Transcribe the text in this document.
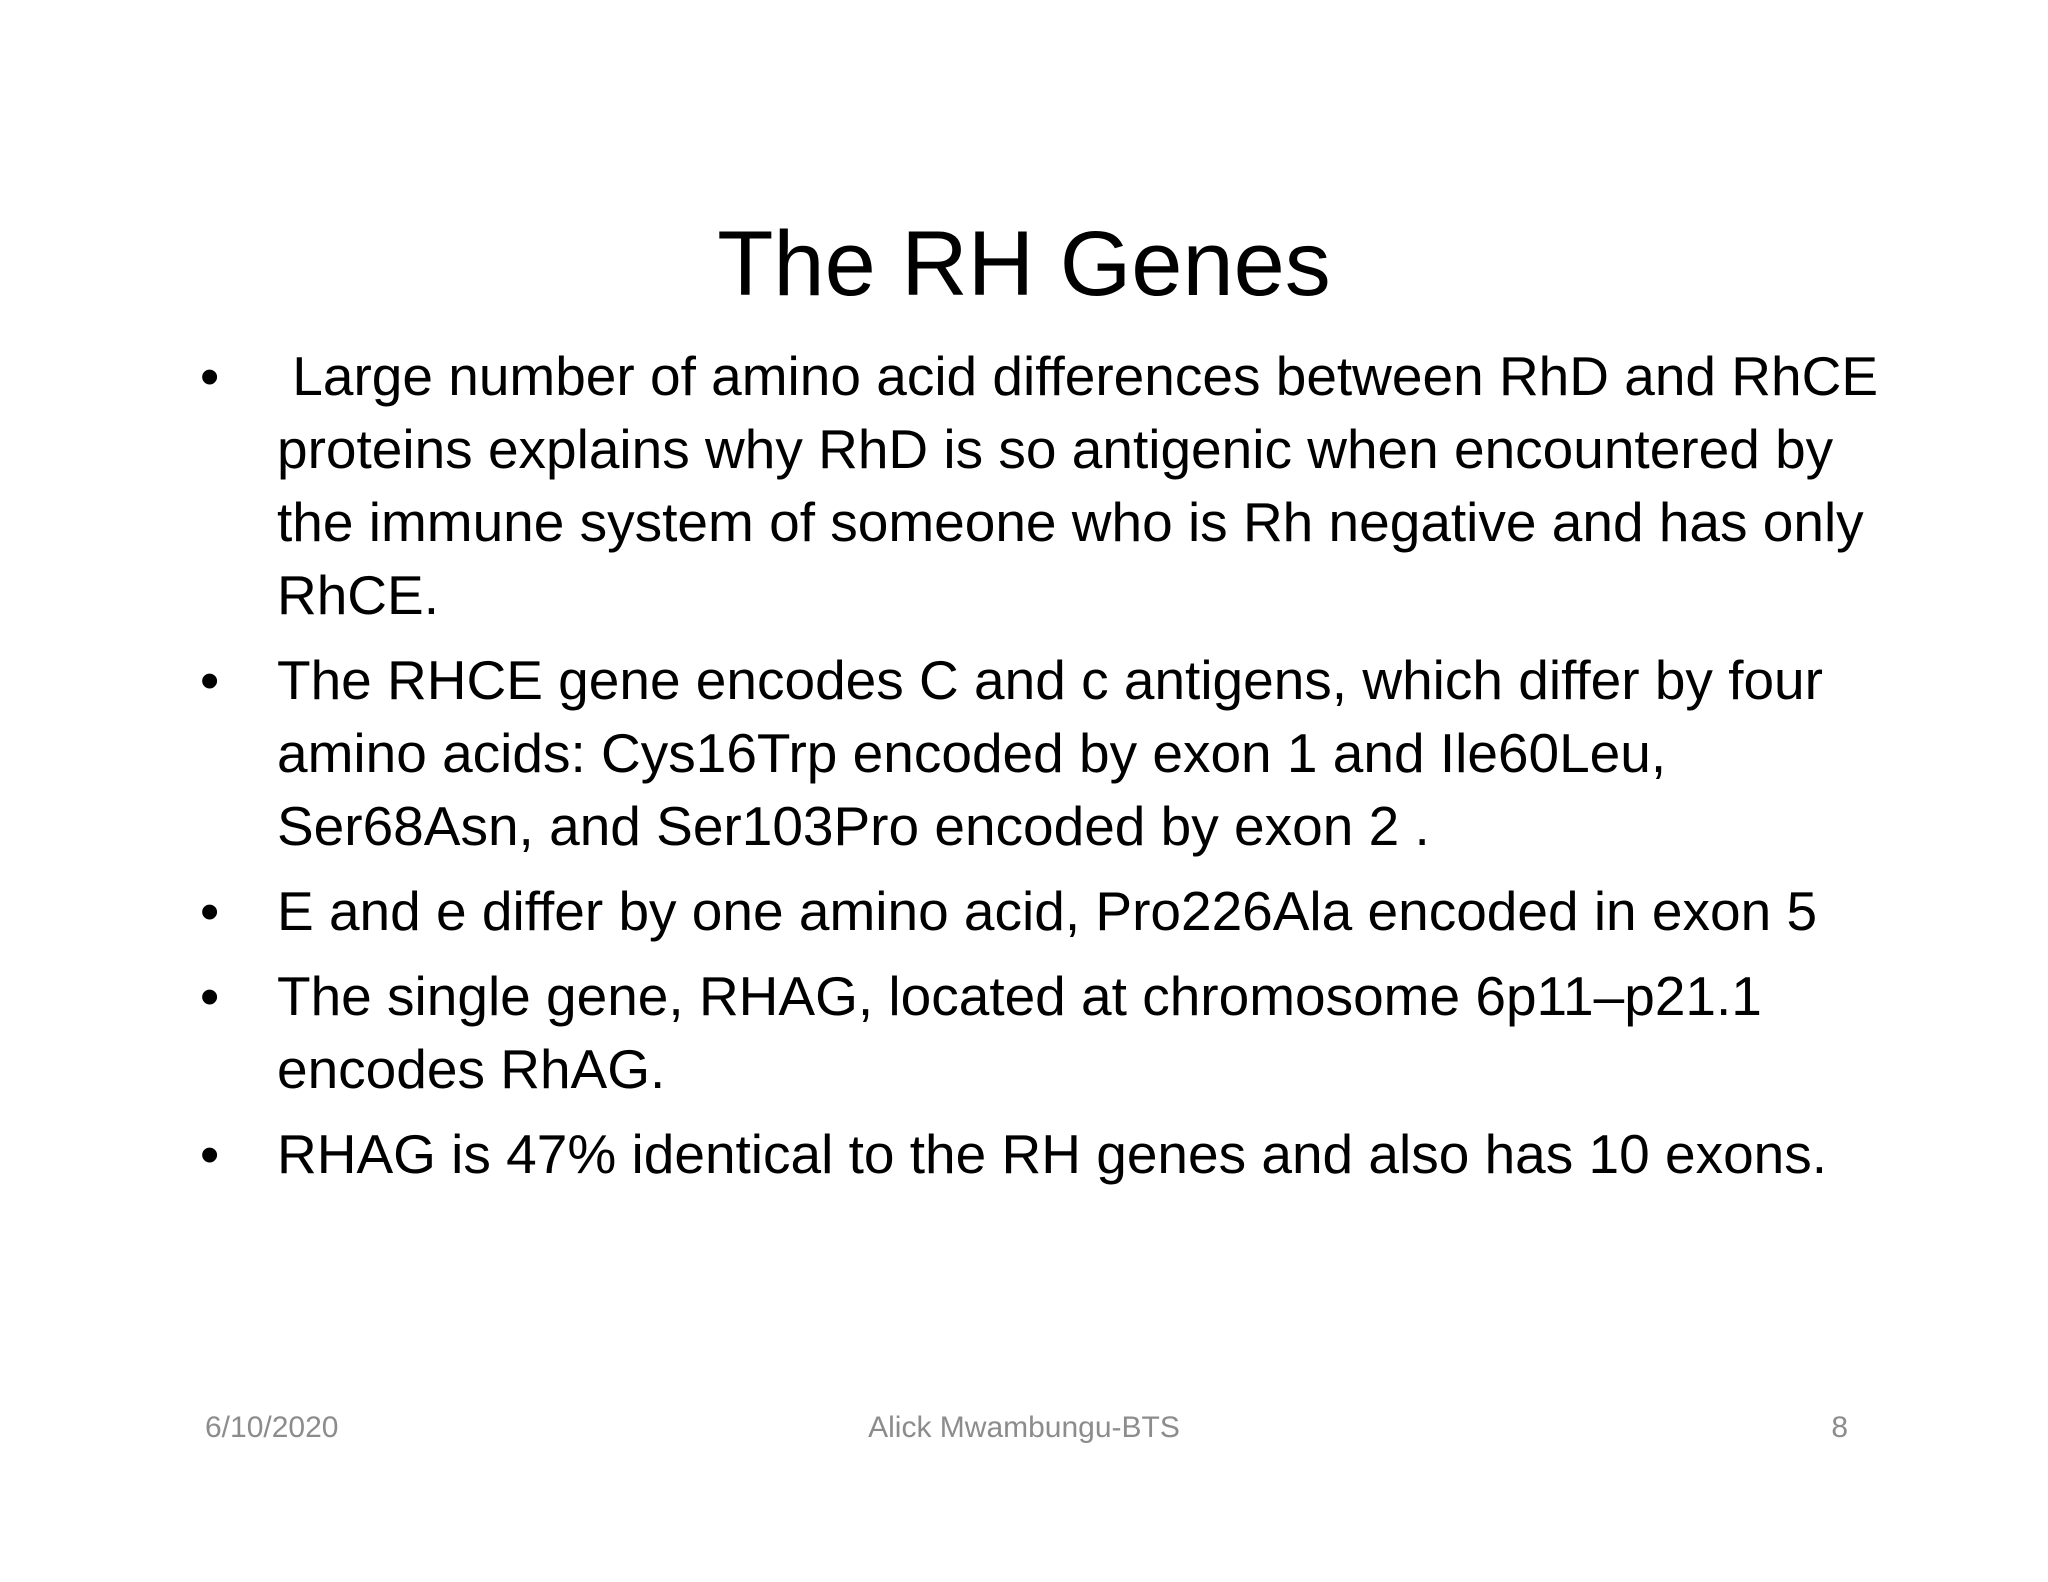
The RH Genes
•	Large number of amino acid differences between RhD and RhCE proteins explains why RhD is so antigenic when encountered by the immune system of someone who is Rh negative and has only RhCE.
•	The RHCE gene encodes C and c antigens, which differ by four amino acids: Cys16Trp encoded by exon 1 and Ile60Leu, Ser68Asn, and Ser103Pro encoded by exon 2 .
•	E and e differ by one amino acid, Pro226Ala encoded in exon 5
•	The single gene, RHAG, located at chromosome 6p11–p21.1 encodes RhAG.
•	RHAG is 47% identical to the RH genes and also has 10 exons.
6/10/2020	Alick Mwambungu-BTS	8
